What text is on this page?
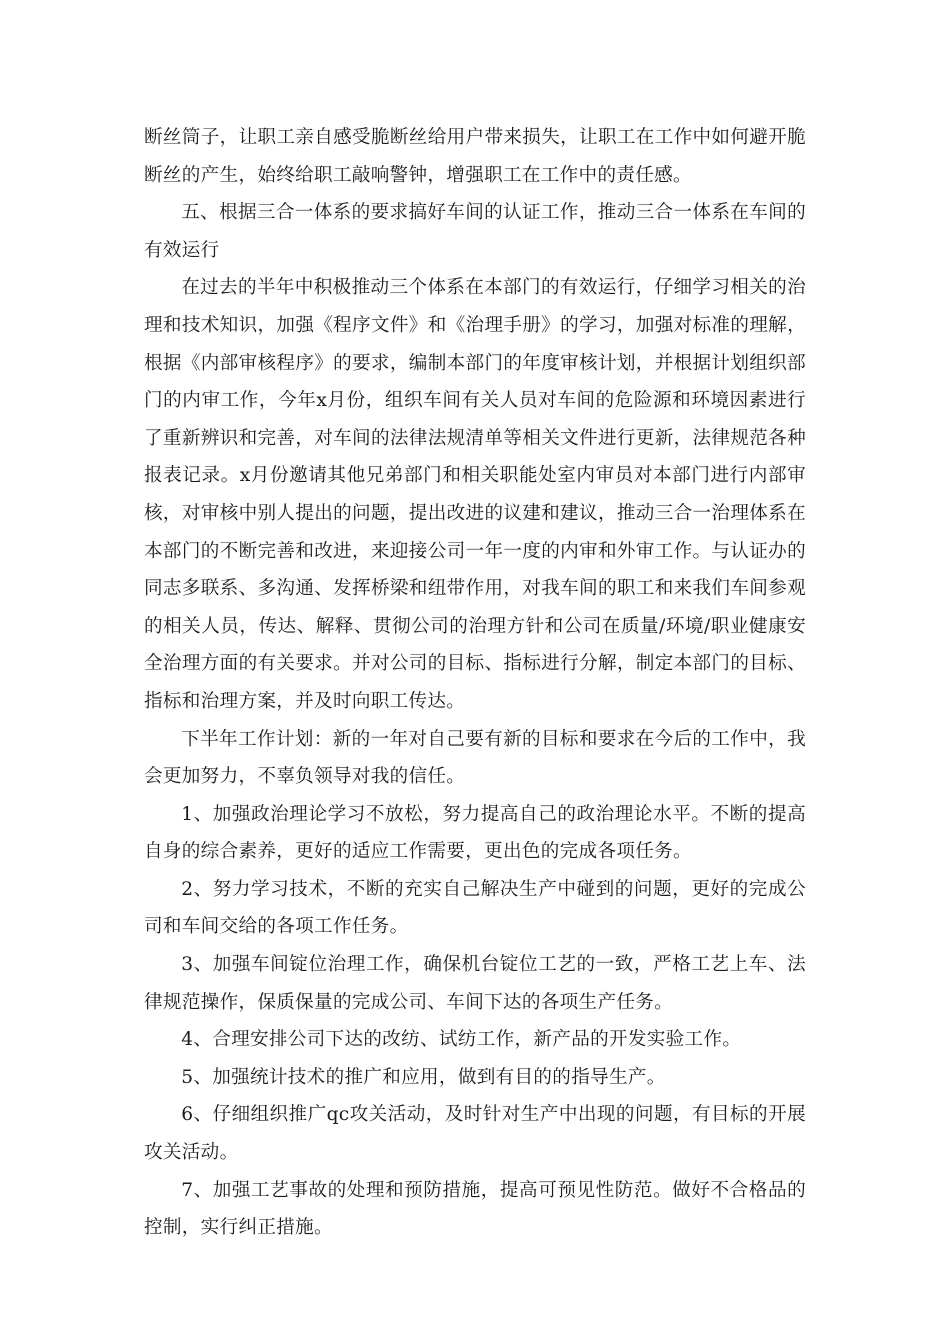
断丝筒子，让职工亲自感受脆断丝给用户带来损失，让职工在工作中如何避开脆断丝的产生，始终给职工敲响警钟，增强职工在工作中的责任感。

五、根据三合一体系的要求搞好车间的认证工作，推动三合一体系在车间的有效运行

在过去的半年中积极推动三个体系在本部门的有效运行，仔细学习相关的治理和技术知识，加强《程序文件》和《治理手册》的学习，加强对标准的理解，根据《内部审核程序》的要求，编制本部门的年度审核计划，并根据计划组织部门的内审工作，今年x月份，组织车间有关人员对车间的危险源和环境因素进行了重新辨识和完善，对车间的法律法规清单等相关文件进行更新，法律规范各种报表记录。x月份邀请其他兄弟部门和相关职能处室内审员对本部门进行内部审核，对审核中别人提出的问题，提出改进的议建和建议，推动三合一治理体系在本部门的不断完善和改进，来迎接公司一年一度的内审和外审工作。与认证办的同志多联系、多沟通、发挥桥梁和纽带作用，对我车间的职工和来我们车间参观的相关人员，传达、解释、贯彻公司的治理方针和公司在质量/环境/职业健康安全治理方面的有关要求。并对公司的目标、指标进行分解，制定本部门的目标、指标和治理方案，并及时向职工传达。

下半年工作计划：新的一年对自己要有新的目标和要求在今后的工作中，我会更加努力，不辜负领导对我的信任。

1、加强政治理论学习不放松，努力提高自己的政治理论水平。不断的提高自身的综合素养，更好的适应工作需要，更出色的完成各项任务。

2、努力学习技术，不断的充实自己解决生产中碰到的问题，更好的完成公司和车间交给的各项工作任务。

3、加强车间锭位治理工作，确保机台锭位工艺的一致，严格工艺上车、法律规范操作，保质保量的完成公司、车间下达的各项生产任务。

4、合理安排公司下达的改纺、试纺工作，新产品的开发实验工作。

5、加强统计技术的推广和应用，做到有目的的指导生产。

6、仔细组织推广qc攻关活动，及时针对生产中出现的问题，有目标的开展攻关活动。

7、加强工艺事故的处理和预防措施，提高可预见性防范。做好不合格品的控制，实行纠正措施。
